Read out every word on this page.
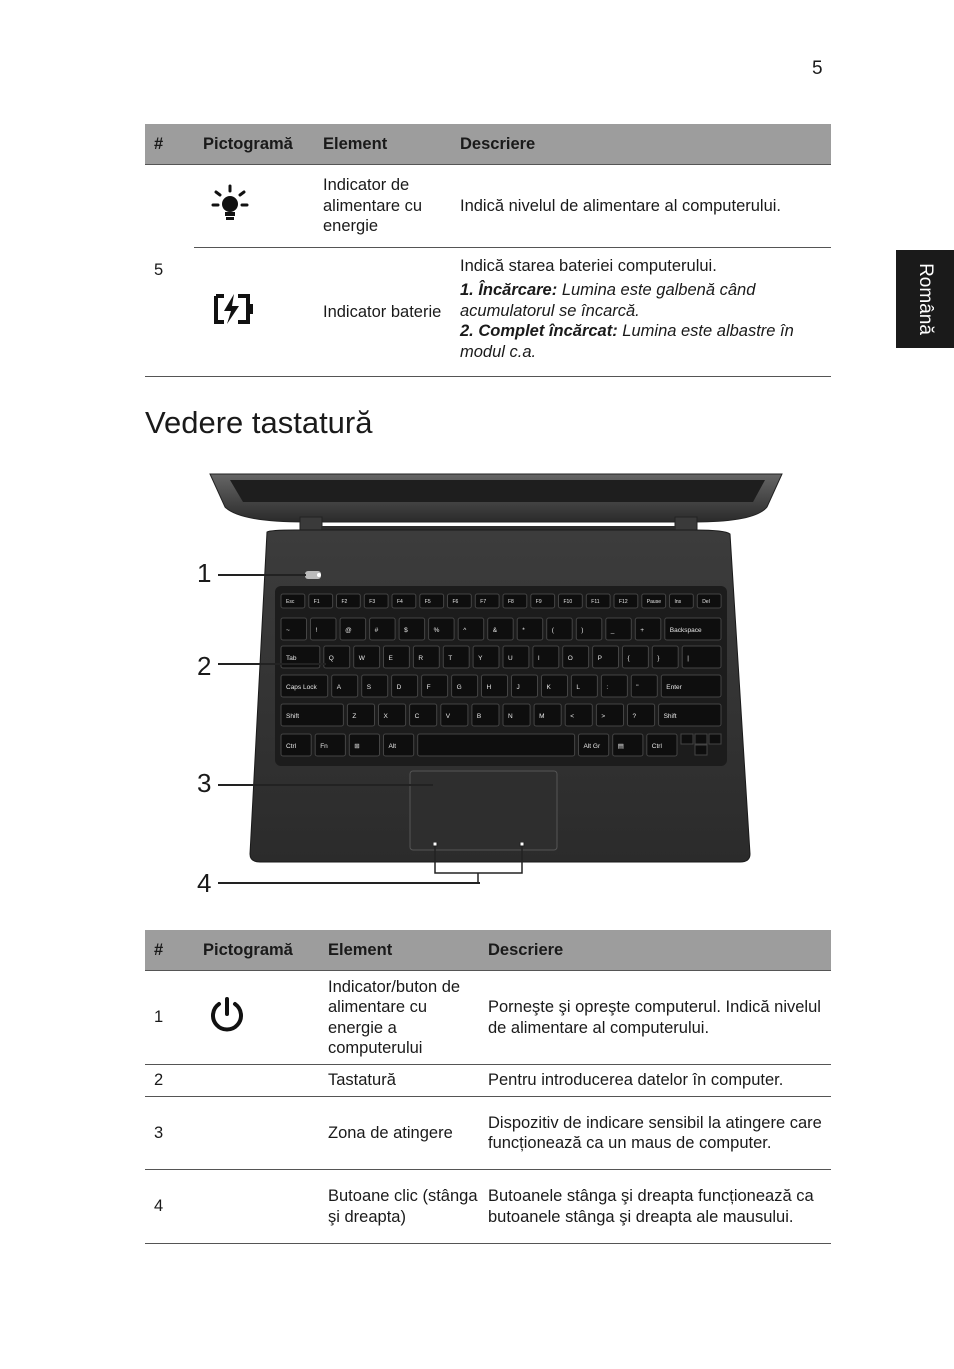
5
Română
#	Pictogramă	Element	Descriere
5		Indicator de alimentare cu energie	Indică nivelul de alimentare al computerului.
	Indicator baterie	Indică starea bateriei computerului.
1. Încărcare: Lumina este galbenă când acumulatorul se încarcă.
2. Complet încărcat: Lumina este albastre în modul c.a.
Vedere tastatură
Esc	F1	F2	F3	F4	F5	F6	F7	F8	F9	F10	F11	F12	Pause	Ins	Del
~	!	@	#	$	%	^	&	*	(	)	_	+	Backspace
Tab	Q	W	E	R	T	Y	U	I	O	P	{	}	|
Caps Lock	A	S	D	F	G	H	J	K	L	:	"	Enter
Shift	Z	X	C	V	B	N	M	<	>	?	Shift
Ctrl	Fn	⊞	Alt	Alt Gr	▤	Ctrl
1
2
3
4
#	Pictogramă	Element	Descriere
1		Indicator/buton de alimentare cu energie a computerului	Porneşte şi opreşte computerul. Indică nivelul de alimentare al computerului.
2		Tastatură	Pentru introducerea datelor în computer.
3		Zona de atingere	Dispozitiv de indicare sensibil la atingere care funcționează ca un maus de computer.
4		Butoane clic (stânga şi dreapta)	Butoanele stânga şi dreapta funcționează ca butoanele stânga şi dreapta ale mausului.
